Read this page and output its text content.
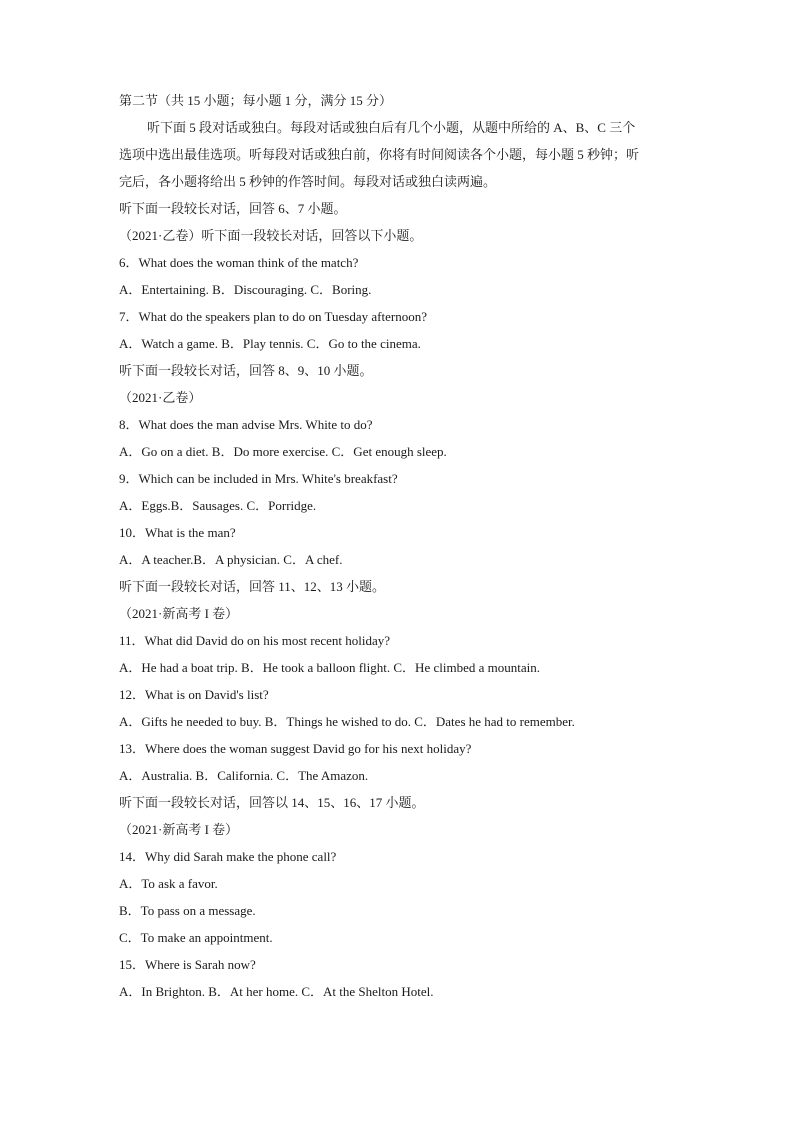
第二节（共 15 小题；每小题 1 分，满分 15 分）
听下面 5 段对话或独白。每段对话或独白后有几个小题，从题中所给的 A、B、C 三个
选项中选出最佳选项。听每段对话或独白前，你将有时间阅读各个小题，每小题 5 秒钟；听
完后，各小题将给出 5 秒钟的作答时间。每段对话或独白读两遍。
听下面一段较长对话，回答 6、7 小题。
（2021·乙卷）听下面一段较长对话，回答以下小题。
6．What does the woman think of the match?
A．Entertaining. B．Discouraging. C．Boring.
7．What do the speakers plan to do on Tuesday afternoon?
A．Watch a game. B．Play tennis. C．Go to the cinema.
听下面一段较长对话，回答 8、9、10 小题。
（2021·乙卷）
8．What does the man advise Mrs. White to do?
A．Go on a diet. B．Do more exercise. C．Get enough sleep.
9．Which can be included in Mrs. White's breakfast?
A．Eggs.B．Sausages. C．Porridge.
10．What is the man?
A．A teacher.B．A physician. C．A chef.
听下面一段较长对话，回答 11、12、13 小题。
（2021·新高考 I 卷）
11．What did David do on his most recent holiday?
A．He had a boat trip. B．He took a balloon flight. C．He climbed a mountain.
12．What is on David's list?
A．Gifts he needed to buy. B．Things he wished to do. C．Dates he had to remember.
13．Where does the woman suggest David go for his next holiday?
A．Australia. B．California. C．The Amazon.
听下面一段较长对话，回答以 14、15、16、17 小题。
（2021·新高考 I 卷）
14．Why did Sarah make the phone call?
A．To ask a favor.
B．To pass on a message.
C．To make an appointment.
15．Where is Sarah now?
A．In Brighton. B．At her home. C．At the Shelton Hotel.
